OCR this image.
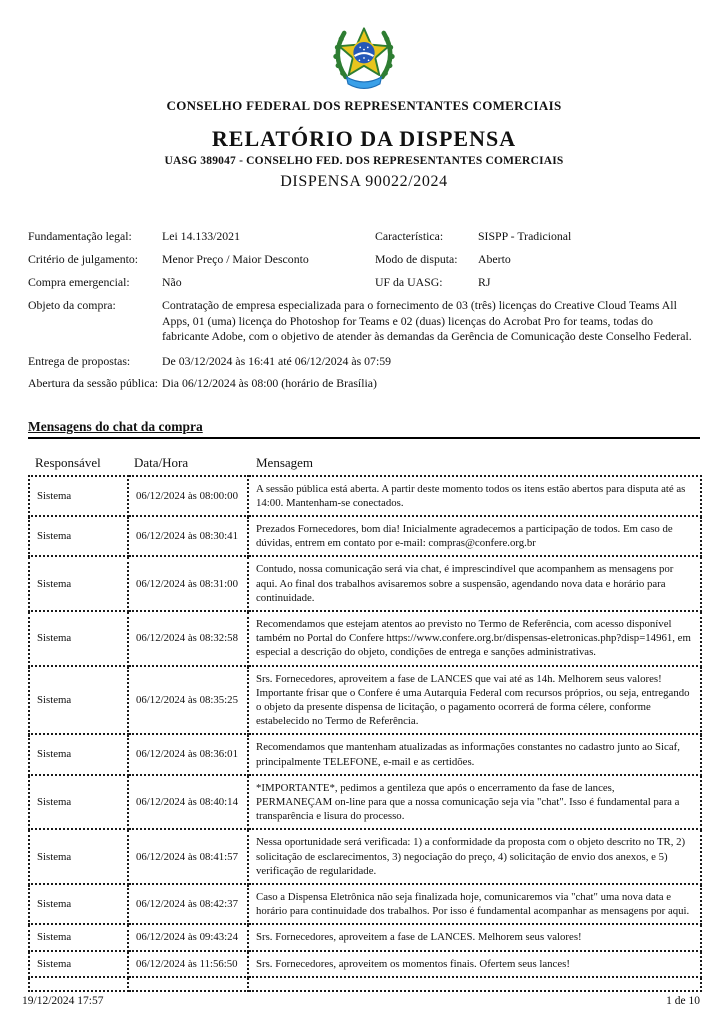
CONSELHO FEDERAL DOS REPRESENTANTES COMERCIAIS
RELATÓRIO DA DISPENSA
UASG 389047 - CONSELHO FED. DOS REPRESENTANTES COMERCIAIS
DISPENSA 90022/2024
Fundamentação legal:	Lei 14.133/2021	Característica:	SISPP - Tradicional
Critério de julgamento:	Menor Preço / Maior Desconto	Modo de disputa:	Aberto
Compra emergencial:	Não	UF da UASG:	RJ
Objeto da compra:	Contratação de empresa especializada para o fornecimento de 03 (três) licenças do Creative Cloud Teams All Apps, 01 (uma) licença do Photoshop for Teams e 02 (duas) licenças do Acrobat Pro for teams, todas do fabricante Adobe, com o objetivo de atender às demandas da Gerência de Comunicação deste Conselho Federal.
Entrega de propostas:	De 03/12/2024 às 16:41 até 06/12/2024 às 07:59
Abertura da sessão pública: Dia 06/12/2024 às 08:00 (horário de Brasília)
Mensagens do chat da compra
Responsável	Data/Hora	Mensagem
Sistema	06/12/2024 às 08:00:00	A sessão pública está aberta. A partir deste momento todos os itens estão abertos para disputa até as 14:00. Mantenham-se conectados.
Sistema	06/12/2024 às 08:30:41	Prezados Fornecedores, bom dia! Inicialmente agradecemos a participação de todos. Em caso de dúvidas, entrem em contato por e-mail: compras@confere.org.br
Sistema	06/12/2024 às 08:31:00	Contudo, nossa comunicação será via chat, é imprescindível que acompanhem as mensagens por aqui. Ao final dos trabalhos avisaremos sobre a suspensão, agendando nova data e horário para continuidade.
Sistema	06/12/2024 às 08:32:58	Recomendamos que estejam atentos ao previsto no Termo de Referência, com acesso disponível também no Portal do Confere https://www.confere.org.br/dispensas-eletronicas.php?disp=14961, em especial a descrição do objeto, condições de entrega e sanções administrativas.
Sistema	06/12/2024 às 08:35:25	Srs. Fornecedores, aproveitem a fase de LANCES que vai até as 14h. Melhorem seus valores! Importante frisar que o Confere é uma Autarquia Federal com recursos próprios, ou seja, entregando o objeto da presente dispensa de licitação, o pagamento ocorrerá de forma célere, conforme estabelecido no Termo de Referência.
Sistema	06/12/2024 às 08:36:01	Recomendamos que mantenham atualizadas as informações constantes no cadastro junto ao Sicaf, principalmente TELEFONE, e-mail e as certidões.
Sistema	06/12/2024 às 08:40:14	*IMPORTANTE*, pedimos a gentileza que após o encerramento da fase de lances, PERMANEÇAM on-line para que a nossa comunicação seja via "chat". Isso é fundamental para a transparência e lisura do processo.
Sistema	06/12/2024 às 08:41:57	Nessa oportunidade será verificada: 1) a conformidade da proposta com o objeto descrito no TR, 2) solicitação de esclarecimentos, 3) negociação do preço, 4) solicitação de envio dos anexos, e 5) verificação de regularidade.
Sistema	06/12/2024 às 08:42:37	Caso a Dispensa Eletrônica não seja finalizada hoje, comunicaremos via "chat" uma nova data e horário para continuidade dos trabalhos. Por isso é fundamental acompanhar as mensagens por aqui.
Sistema	06/12/2024 às 09:43:24	Srs. Fornecedores, aproveitem a fase de LANCES. Melhorem seus valores!
Sistema	06/12/2024 às 11:56:50	Srs. Fornecedores, aproveitem os momentos finais. Ofertem seus lances!

19/12/2024 17:57	1 de 10
